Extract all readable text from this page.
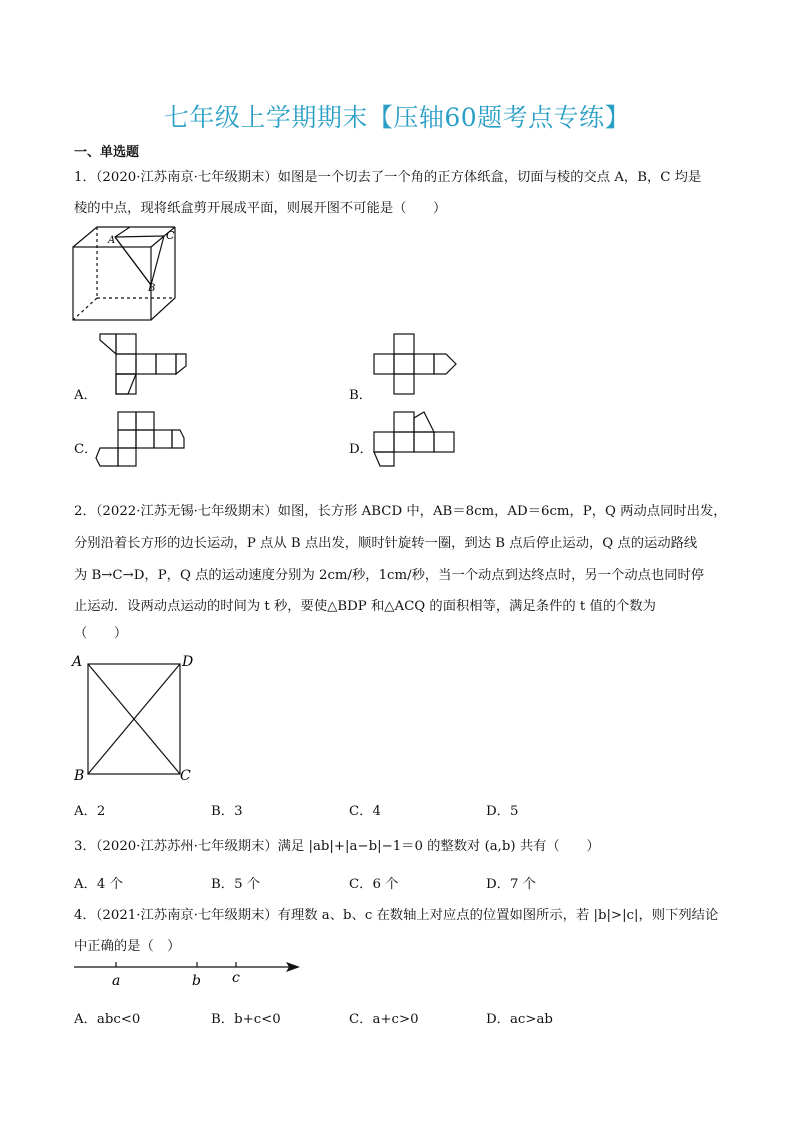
七年级上学期期末【压轴60题考点专练】
一、单选题
1．（2020·江苏南京·七年级期末）如图是一个切去了一个角的正方体纸盒，切面与棱的交点 A，B，C 均是
棱的中点，现将纸盒剪开展成平面，则展开图不可能是（　　）
A
B
C
A．	B．
C．	D．
2．（2022·江苏无锡·七年级期末）如图，长方形 ABCD 中，AB＝8cm，AD＝6cm，P，Q 两动点同时出发，
分别沿着长方形的边长运动，P 点从 B 点出发，顺时针旋转一圈，到达 B 点后停止运动，Q 点的运动路线
为 B→C→D，P，Q 点的运动速度分别为 2cm/秒，1cm/秒，当一个动点到达终点时，另一个动点也同时停
止运动．设两动点运动的时间为 t 秒，要使△BDP 和△ACQ 的面积相等，满足条件的 t 值的个数为
（　　）
A	D
B	C
A．2	B．3	C．4	D．5
3．（2020·江苏苏州·七年级期末）满足 |ab|+|a−b|−1＝0 的整数对 (a,b) 共有（　　）
A．4 个	B．5 个	C．6 个	D．7 个
4．（2021·江苏南京·七年级期末）有理数 a、b、c 在数轴上对应点的位置如图所示，若 |b|>|c|，则下列结论
中正确的是（　）
a	b c
A．abc<0	B．b+c<0	C．a+c>0	D．ac>ab
